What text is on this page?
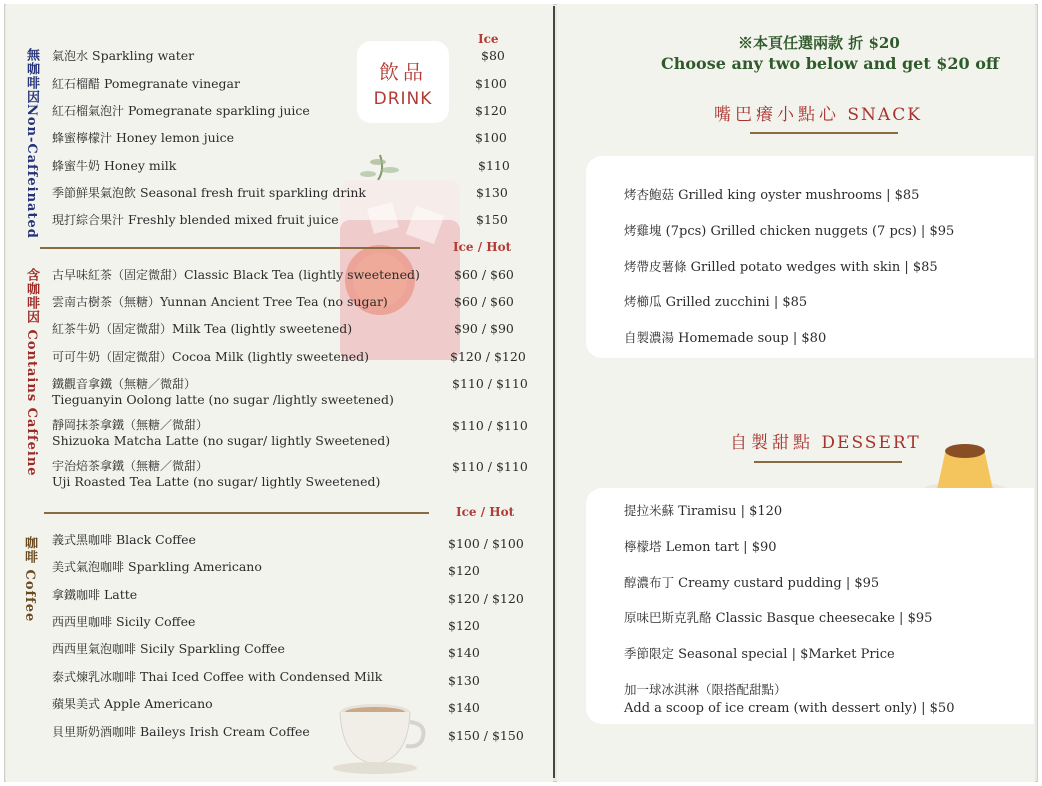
飲品
DRINK
無咖啡因Non-Caffeinated
含咖啡因 Contains Caffeine
咖啡 Coffee
Ice
Ice / Hot
Ice / Hot
氣泡水 Sparkling water	$80
紅石榴醋 Pomegranate vinegar	$100
紅石榴氣泡汁 Pomegranate sparkling juice	$120
蜂蜜檸檬汁 Honey lemon juice	$100
蜂蜜牛奶 Honey milk	$110
季節鮮果氣泡飲 Seasonal fresh fruit sparkling drink	$130
現打綜合果汁 Freshly blended mixed fruit juice	$150
古早味紅茶（固定微甜）Classic Black Tea (lightly sweetened)	$60 / $60
雲南古樹茶（無糖）Yunnan Ancient Tree Tea (no sugar)	$60 / $60
紅茶牛奶（固定微甜）Milk Tea (lightly sweetened)	$90 / $90
可可牛奶（固定微甜）Cocoa Milk (lightly sweetened)	$120 / $120
鐵觀音拿鐵（無糖／微甜）
Tieguanyin Oolong latte (no sugar /lightly sweetened)
$110 / $110
靜岡抹茶拿鐵（無糖／微甜）
Shizuoka Matcha Latte (no sugar/ lightly Sweetened)
$110 / $110
宇治焙茶拿鐵（無糖／微甜）
Uji Roasted Tea Latte (no sugar/ lightly Sweetened)
$110 / $110
義式黑咖啡 Black Coffee	$100 / $100
美式氣泡咖啡 Sparkling Americano	$120
拿鐵咖啡 Latte	$120 / $120
西西里咖啡 Sicily Coffee	$120
西西里氣泡咖啡 Sicily Sparkling Coffee	$140
泰式煉乳冰咖啡 Thai Iced Coffee with Condensed Milk	$130
蘋果美式 Apple Americano	$140
貝里斯奶酒咖啡 Baileys Irish Cream Coffee	$150 / $150
※本頁任選兩款 折 $20
Choose any two below and get $20 off
嘴巴癢小點心 SNACK
烤杏鮑菇 Grilled king oyster mushrooms | $85
烤雞塊 (7pcs) Grilled chicken nuggets (7 pcs) | $95
烤帶皮薯條 Grilled potato wedges with skin | $85
烤櫛瓜 Grilled zucchini | $85
自製濃湯 Homemade soup | $80
自製甜點 DESSERT
提拉米蘇 Tiramisu | $120
檸檬塔 Lemon tart | $90
醇濃布丁 Creamy custard pudding | $95
原味巴斯克乳酪 Classic Basque cheesecake | $95
季節限定 Seasonal special | $Market Price
加一球冰淇淋（限搭配甜點）
Add a scoop of ice cream (with dessert only) | $50
